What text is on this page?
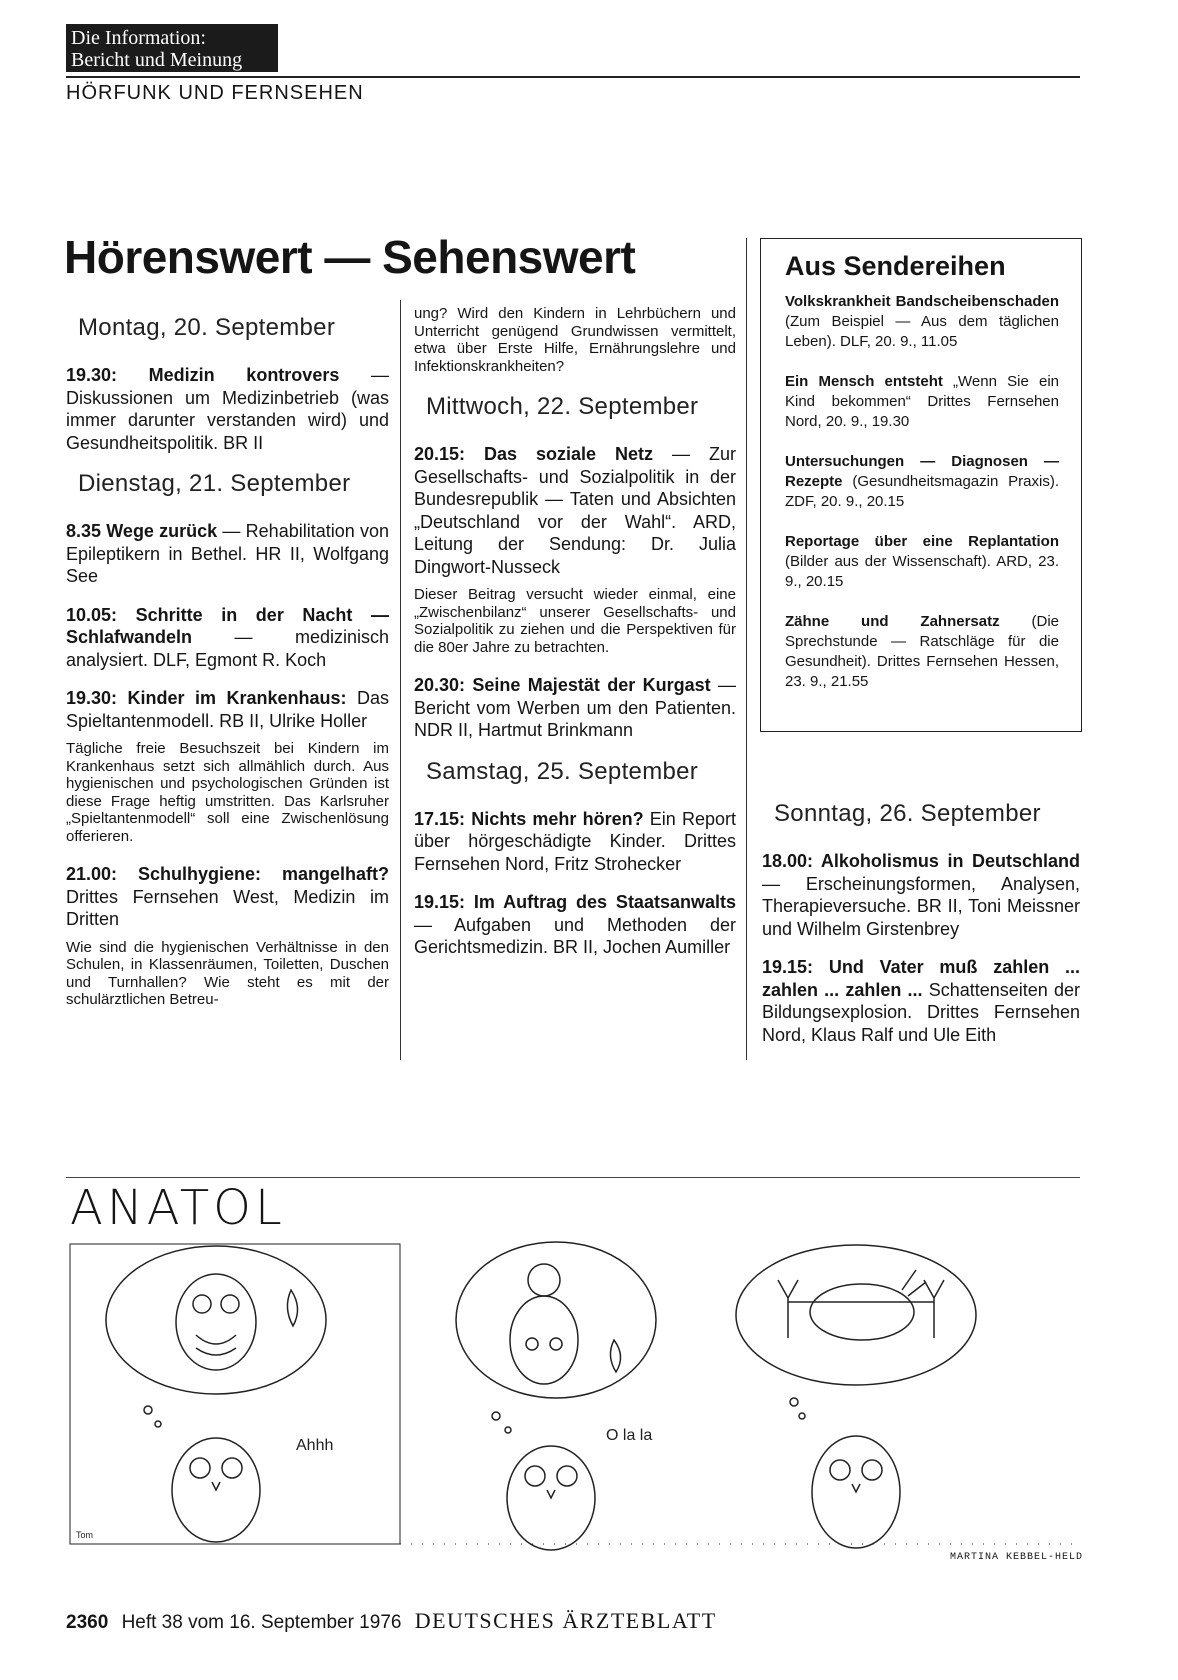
Die Information:
Bericht und Meinung
HÖRFUNK UND FERNSEHEN
Hörenswert — Sehenswert
Montag, 20. September

19.30: Medizin kontrovers — Diskussionen um Medizinbetrieb (was immer darunter verstanden wird) und Gesundheitspolitik. BR II

Dienstag, 21. September

8.35 Wege zurück — Rehabilitation von Epileptikern in Bethel. HR II, Wolfgang See

10.05: Schritte in der Nacht — Schlafwandeln — medizinisch analysiert. DLF, Egmont R. Koch

19.30: Kinder im Krankenhaus: Das Spieltantenmodell. RB II, Ulrike Holler

Tägliche freie Besuchszeit bei Kindern im Krankenhaus setzt sich allmählich durch. Aus hygienischen und psychologischen Gründen ist diese Frage heftig umstritten. Das Karlsruher „Spieltantenmodell“ soll eine Zwischenlösung offerieren.

21.00: Schulhygiene: mangelhaft? Drittes Fernsehen West, Medizin im Dritten

Wie sind die hygienischen Verhältnisse in den Schulen, in Klassenräumen, Toiletten, Duschen und Turnhallen? Wie steht es mit der schulärztlichen Betreu-

ung? Wird den Kindern in Lehrbüchern und Unterricht genügend Grundwissen vermittelt, etwa über Erste Hilfe, Ernährungslehre und Infektionskrankheiten?

Mittwoch, 22. September

20.15: Das soziale Netz — Zur Gesellschafts- und Sozialpolitik in der Bundesrepublik — Taten und Absichten „Deutschland vor der Wahl“. ARD, Leitung der Sendung: Dr. Julia Dingwort-Nusseck

Dieser Beitrag versucht wieder einmal, eine „Zwischenbilanz“ unserer Gesellschafts- und Sozialpolitik zu ziehen und die Perspektiven für die 80er Jahre zu betrachten.

20.30: Seine Majestät der Kurgast — Bericht vom Werben um den Patienten. NDR II, Hartmut Brinkmann

Samstag, 25. September

17.15: Nichts mehr hören? Ein Report über hörgeschädigte Kinder. Drittes Fernsehen Nord, Fritz Strohecker

19.15: Im Auftrag des Staatsanwalts — Aufgaben und Methoden der Gerichtsmedizin. BR II, Jochen Aumiller

Aus Sendereihen

Volkskrankheit Bandscheibenschaden (Zum Beispiel — Aus dem täglichen Leben). DLF, 20. 9., 11.05

Ein Mensch entsteht „Wenn Sie ein Kind bekommen“ Drittes Fernsehen Nord, 20. 9., 19.30

Untersuchungen — Diagnosen — Rezepte (Gesundheitsmagazin Praxis). ZDF, 20. 9., 20.15

Reportage über eine Replantation (Bilder aus der Wissenschaft). ARD, 23. 9., 20.15

Zähne und Zahnersatz (Die Sprechstunde — Ratschläge für die Gesundheit). Drittes Fernsehen Hessen, 23. 9., 21.55

Sonntag, 26. September

18.00: Alkoholismus in Deutschland — Erscheinungsformen, Analysen, Therapieversuche. BR II, Toni Meissner und Wilhelm Girstenbrey

19.15: Und Vater muß zahlen ... zahlen ... zahlen ... Schattenseiten der Bildungsexplosion. Drittes Fernsehen Nord, Klaus Ralf und Ule Eith

ANATOL
Ahhh
Tom
O la la
MARTINA KEBBEL-HELD
2360 Heft 38 vom 16. September 1976 DEUTSCHES ÄRZTEBLATT
